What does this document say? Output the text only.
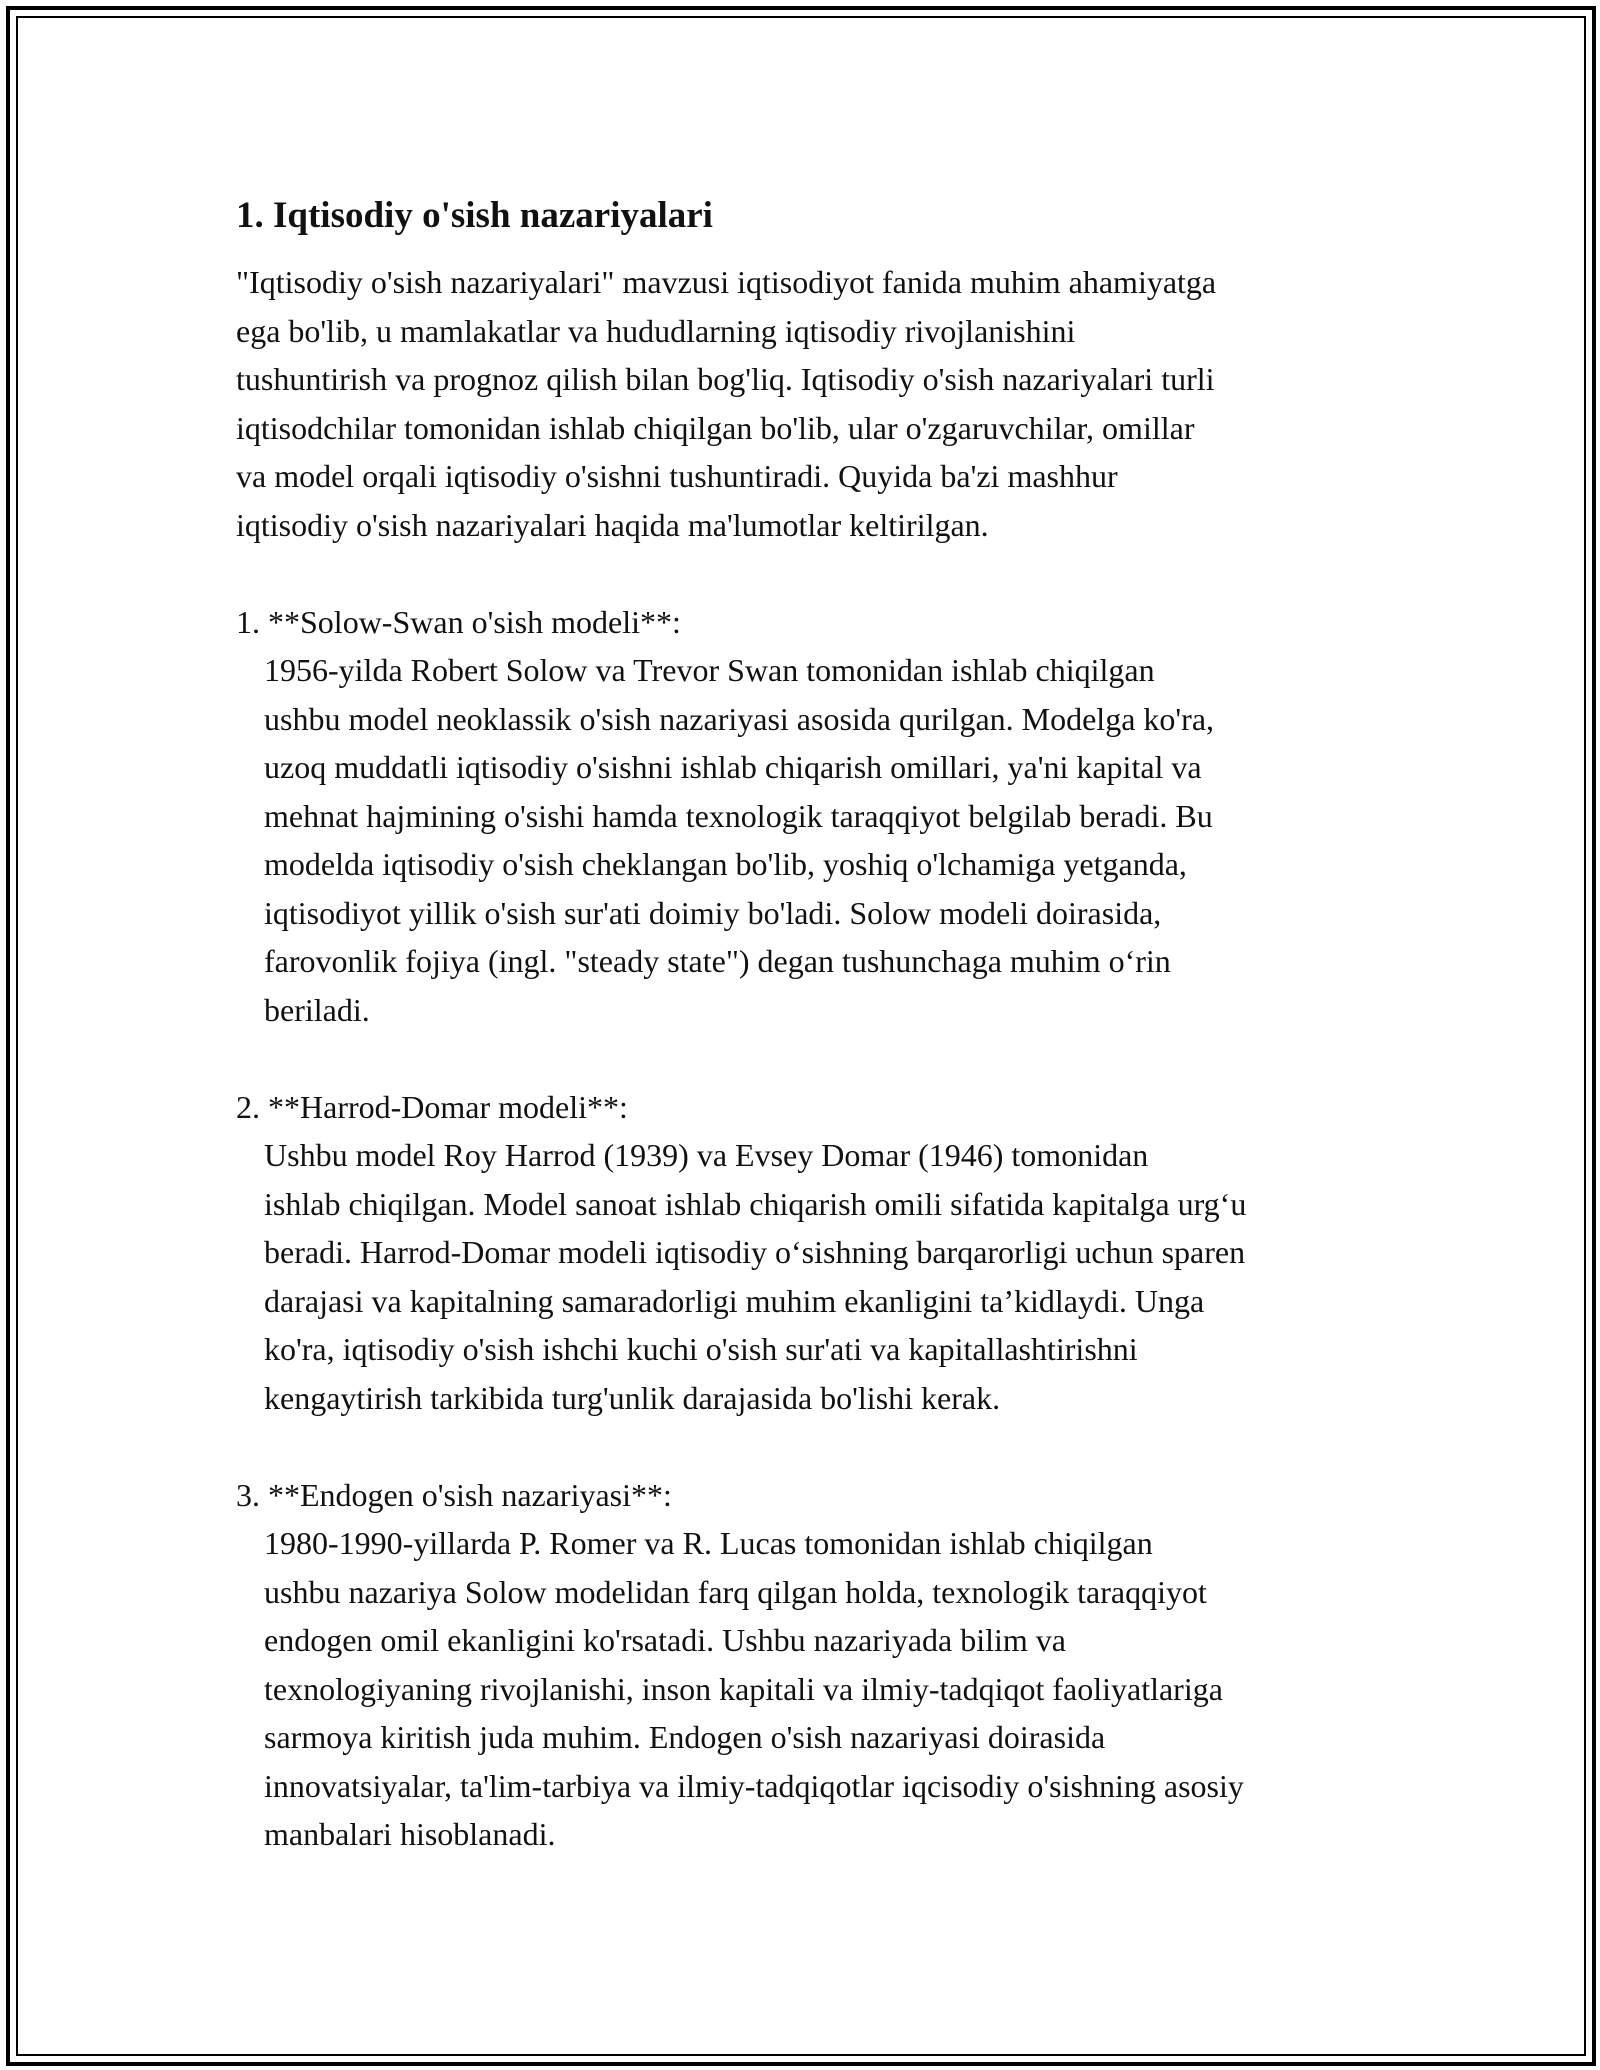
1. Iqtisodiy o'sish nazariyalari

"Iqtisodiy o'sish nazariyalari" mavzusi iqtisodiyot fanida muhim ahamiyatga
ega bo'lib, u mamlakatlar va hududlarning iqtisodiy rivojlanishini
tushuntirish va prognoz qilish bilan bog'liq. Iqtisodiy o'sish nazariyalari turli
iqtisodchilar tomonidan ishlab chiqilgan bo'lib, ular o'zgaruvchilar, omillar
va model orqali iqtisodiy o'sishni tushuntiradi. Quyida ba'zi mashhur
iqtisodiy o'sish nazariyalari haqida ma'lumotlar keltirilgan.

1. **Solow-Swan o'sish modeli**:
1956-yilda Robert Solow va Trevor Swan tomonidan ishlab chiqilgan
ushbu model neoklassik o'sish nazariyasi asosida qurilgan. Modelga ko'ra,
uzoq muddatli iqtisodiy o'sishni ishlab chiqarish omillari, ya'ni kapital va
mehnat hajmining o'sishi hamda texnologik taraqqiyot belgilab beradi. Bu
modelda iqtisodiy o'sish cheklangan bo'lib, yoshiq o'lchamiga yetganda,
iqtisodiyot yillik o'sish sur'ati doimiy bo'ladi. Solow modeli doirasida,
farovonlik fojiya (ingl. "steady state") degan tushunchaga muhim o‘rin
beriladi.
2. **Harrod-Domar modeli**:
Ushbu model Roy Harrod (1939) va Evsey Domar (1946) tomonidan
ishlab chiqilgan. Model sanoat ishlab chiqarish omili sifatida kapitalga urg‘u
beradi. Harrod-Domar modeli iqtisodiy o‘sishning barqarorligi uchun sparen
darajasi va kapitalning samaradorligi muhim ekanligini ta’kidlaydi. Unga
ko'ra, iqtisodiy o'sish ishchi kuchi o'sish sur'ati va kapitallashtirishni
kengaytirish tarkibida turg'unlik darajasida bo'lishi kerak.
3. **Endogen o'sish nazariyasi**:
1980-1990-yillarda P. Romer va R. Lucas tomonidan ishlab chiqilgan
ushbu nazariya Solow modelidan farq qilgan holda, texnologik taraqqiyot
endogen omil ekanligini ko'rsatadi. Ushbu nazariyada bilim va
texnologiyaning rivojlanishi, inson kapitali va ilmiy-tadqiqot faoliyatlariga
sarmoya kiritish juda muhim. Endogen o'sish nazariyasi doirasida
innovatsiyalar, ta'lim-tarbiya va ilmiy-tadqiqotlar iqcisodiy o'sishning asosiy
manbalari hisoblanadi.
